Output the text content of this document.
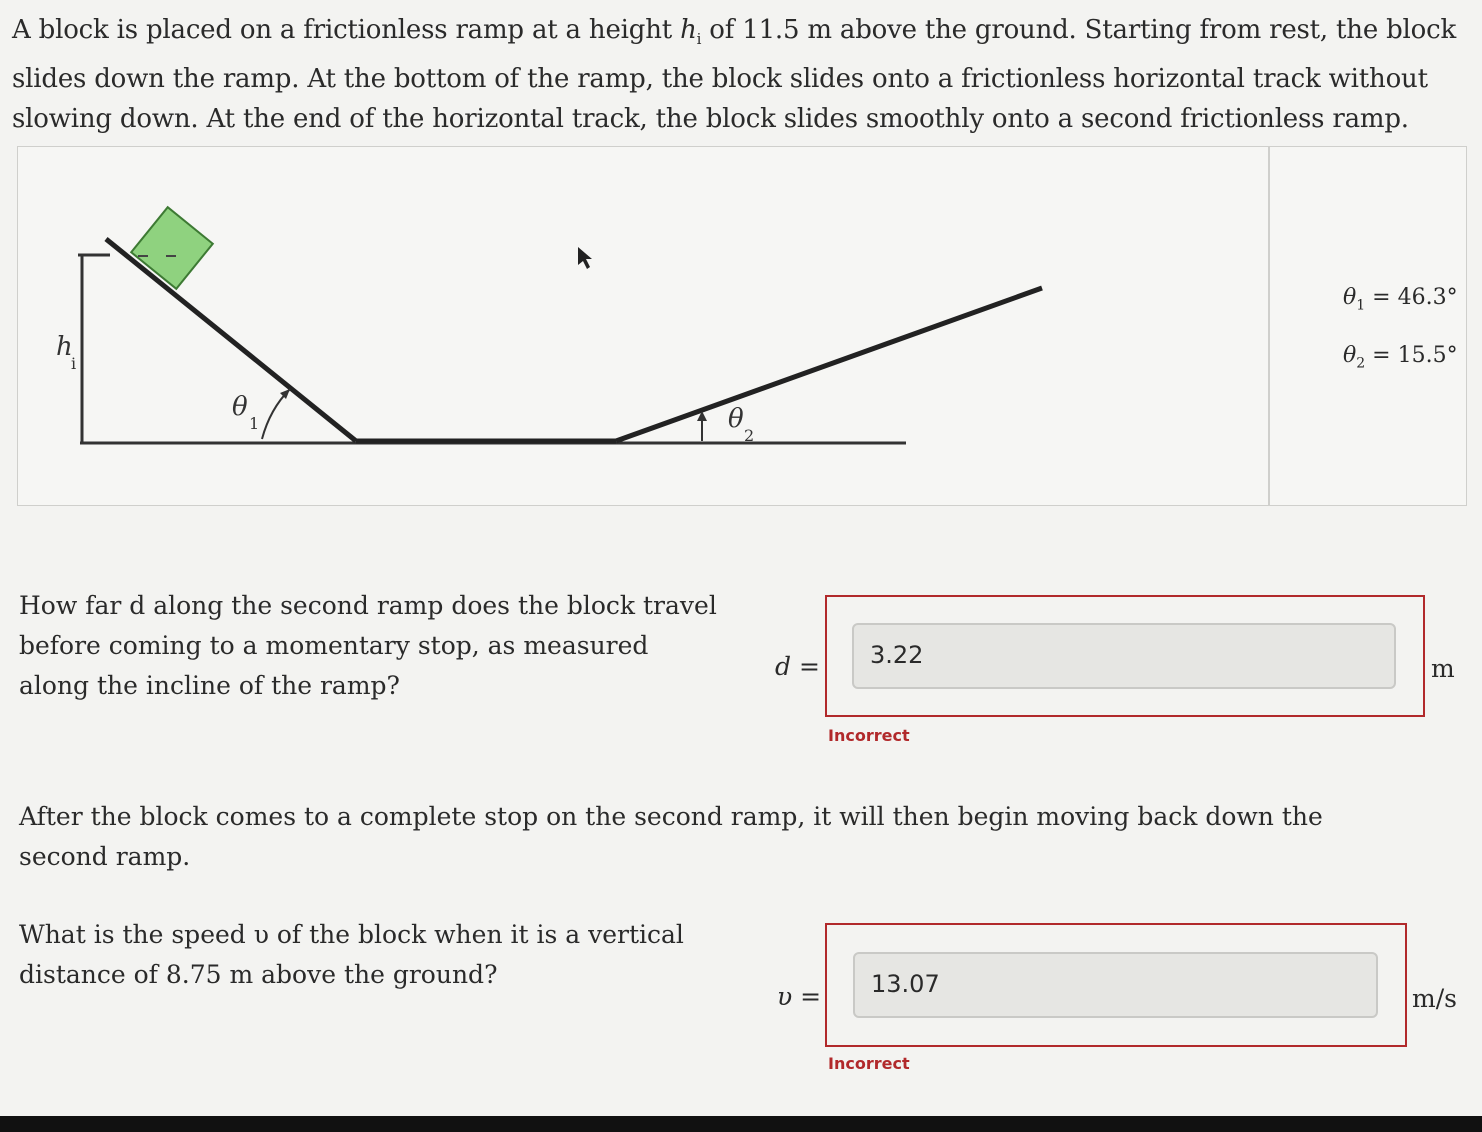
A block is placed on a frictionless ramp at a height $h_i$ of 11.5 m above the ground. Starting from rest, the block slides down the ramp. At the bottom of the ramp, the block slides onto a frictionless horizontal track without slowing down. At the end of the horizontal track, the block slides smoothly onto a second frictionless ramp.
h
i
θ
1	θ
2
$\theta_1 = 46.3^\circ$
$\theta_2 = 15.5^\circ$
How far d along the second ramp does the block travel before coming to a momentary stop, as measured along the incline of the ramp?
d =	3.22	m
Incorrect
After the block comes to a complete stop on the second ramp, it will then begin moving back down the second ramp.
What is the speed υ of the block when it is a vertical distance of 8.75 m above the ground?
υ =	13.07	m/s
Incorrect
